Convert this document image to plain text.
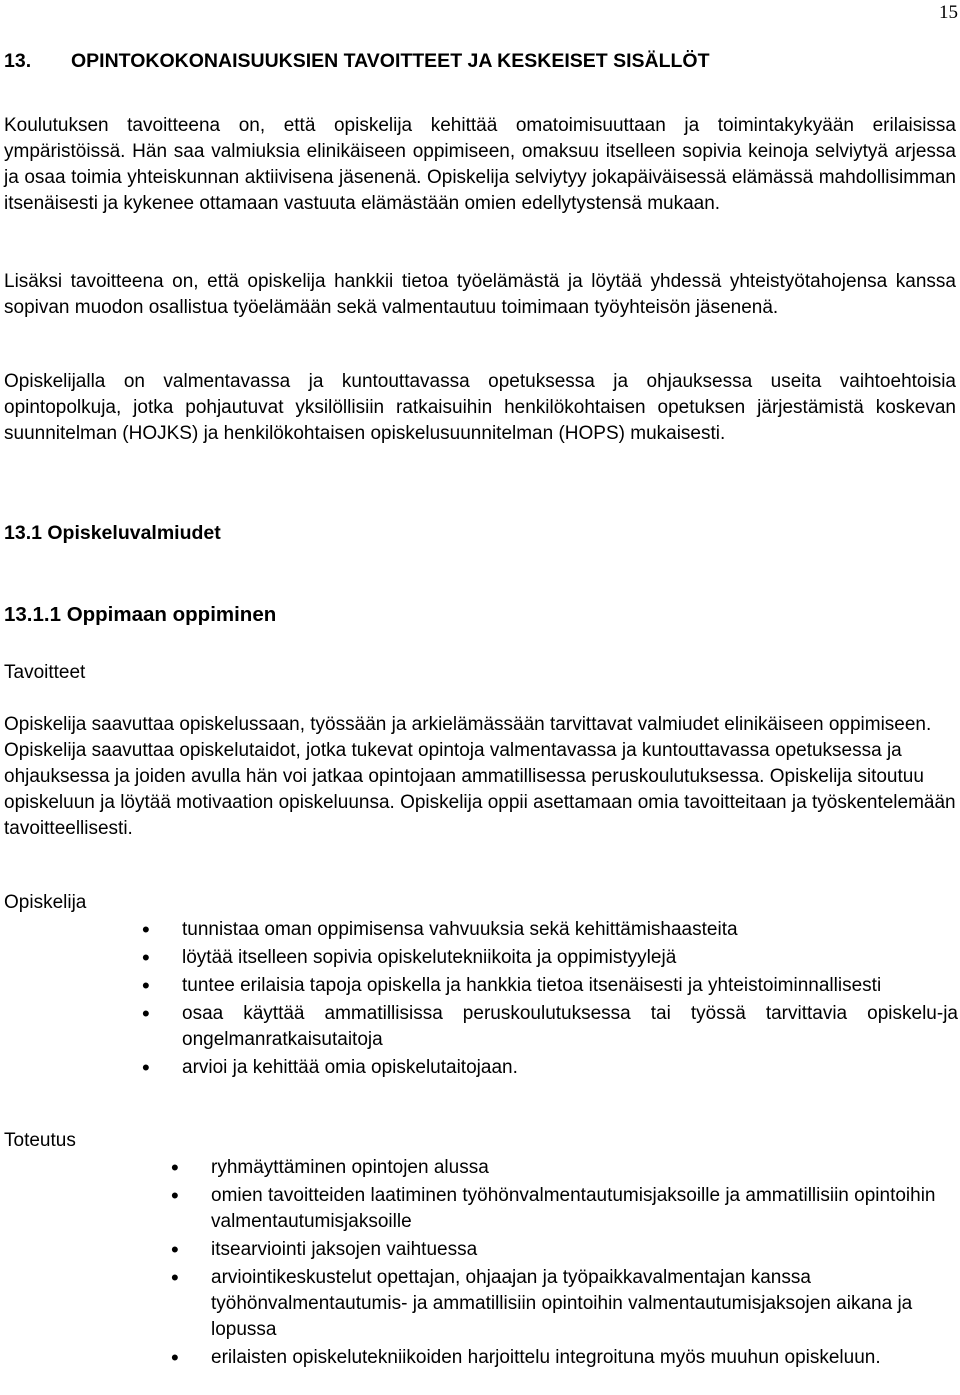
15
13. OPINTOKOKONAISUUKSIEN TAVOITTEET JA KESKEISET SISÄLLÖT

Koulutuksen tavoitteena on, että opiskelija kehittää omatoimisuuttaan ja toimintakykyään erilaisissa ympäristöissä. Hän saa valmiuksia elinikäiseen oppimiseen, omaksuu itselleen sopivia keinoja selviytyä arjessa ja osaa toimia yhteiskunnan aktiivisena jäsenenä. Opiskelija selviytyy jokapäiväisessä elämässä mahdollisimman itsenäisesti ja kykenee ottamaan vastuuta elämästään omien edellytystensä mukaan.

Lisäksi tavoitteena on, että opiskelija hankkii tietoa työelämästä ja löytää yhdessä yhteistyötahojensa kanssa sopivan muodon osallistua työelämään sekä valmentautuu toimimaan työyhteisön jäsenenä.

Opiskelijalla on valmentavassa ja kuntouttavassa opetuksessa ja ohjauksessa useita vaihtoehtoisia opintopolkuja, jotka pohjautuvat yksilöllisiin ratkaisuihin henkilökohtaisen opetuksen järjestämistä koskevan suunnitelman (HOJKS) ja henkilökohtaisen opiskelusuunnitelman (HOPS) mukaisesti.

13.1 Opiskeluvalmiudet
13.1.1 Oppimaan oppiminen

Tavoitteet

Opiskelija saavuttaa opiskelussaan, työssään ja arkielämässään tarvittavat valmiudet elinikäiseen oppimiseen. Opiskelija saavuttaa opiskelutaidot, jotka tukevat opintoja valmentavassa ja kuntouttavassa opetuksessa ja ohjauksessa ja joiden avulla hän voi jatkaa opintojaan ammatillisessa peruskoulutuksessa. Opiskelija sitoutuu opiskeluun ja löytää motivaation opiskeluunsa. Opiskelija oppii asettamaan omia tavoitteitaan ja työskentelemään tavoitteellisesti.

Opiskelija

• tunnistaa oman oppimisensa vahvuuksia sekä kehittämishaasteita
• löytää itselleen sopivia opiskelutekniikoita ja oppimistyylejä
• tuntee erilaisia tapoja opiskella ja hankkia tietoa itsenäisesti ja yhteistoiminnallisesti
• osaa käyttää ammatillisissa peruskoulutuksessa tai työssä tarvittavia opiskelu-ja ongelmanratkaisutaitoja
• arvioi ja kehittää omia opiskelutaitojaan.

Toteutus

• ryhmäyttäminen opintojen alussa
• omien tavoitteiden laatiminen työhönvalmentautumisjaksoille ja ammatillisiin opintoihin valmentautumisjaksoille
• itsearviointi jaksojen vaihtuessa
• arviointikeskustelut opettajan, ohjaajan ja työpaikkavalmentajan kanssa työhönvalmentautumis- ja ammatillisiin opintoihin valmentautumisjaksojen aikana ja lopussa
• erilaisten opiskelutekniikoiden harjoittelu integroituna myös muuhun opiskeluun.
